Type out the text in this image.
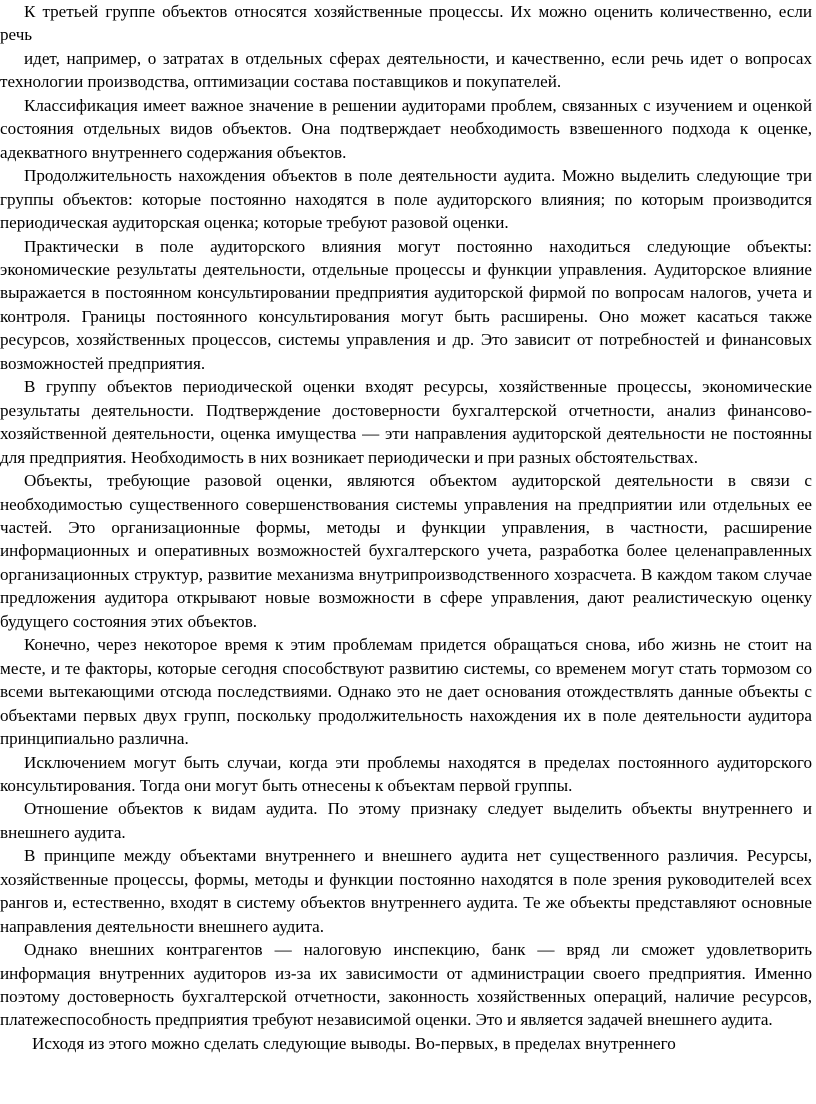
К третьей группе объектов относятся хозяйственные процессы. Их можно оценить количественно, если речь

идет, например, о затратах в отдельных сферах деятельности, и качественно, если речь идет о вопросах технологии производства, оптимизации состава поставщиков и покупателей.

Классификация имеет важное значение в решении аудиторами проблем, связанных с изучением и оценкой состояния отдельных видов объектов. Она подтверждает необходимость взвешенного подхода к оценке, адекватного внутреннего содержания объектов.

Продолжительность нахождения объектов в поле деятельности аудита. Можно выделить следующие три группы объектов: которые постоянно находятся в поле аудиторского влияния; по которым производится периодическая аудиторская оценка; которые требуют разовой оценки.

Практически в поле аудиторского влияния могут постоянно находиться следующие объекты: экономические результаты деятельности, отдельные процессы и функции управления. Аудиторское влияние выражается в постоянном консультировании предприятия аудиторской фирмой по вопросам налогов, учета и контроля. Границы постоянного консультирования могут быть расширены. Оно может касаться также ресурсов, хозяйственных процессов, системы управления и др. Это зависит от потребностей и финансовых возможностей предприятия.

В группу объектов периодической оценки входят ресурсы, хозяйственные процессы, экономические результаты деятельности. Подтверждение достоверности бухгалтерской отчетности, анализ финансово-хозяйственной деятельности, оценка имущества — эти направления аудиторской деятельности не постоянны для предприятия. Необходимость в них возникает периодически и при разных обстоятельствах.

Объекты, требующие разовой оценки, являются объектом аудиторской деятельности в связи с необходимостью существенного совершенствования системы управления на предприятии или отдельных ее частей. Это организационные формы, методы и функции управления, в частности, расширение информационных и оперативных возможностей бухгалтерского учета, разработка более целенаправленных организационных структур, развитие механизма внутрипроизводственного хозрасчета. В каждом таком случае предложения аудитора открывают новые возможности в сфере управления, дают реалистическую оценку будущего состояния этих объектов.

Конечно, через некоторое время к этим проблемам придется обращаться снова, ибо жизнь не стоит на месте, и те факторы, которые сегодня способствуют развитию системы, со временем могут стать тормозом со всеми вытекающими отсюда последствиями. Однако это не дает основания отождествлять данные объекты с объектами первых двух групп, поскольку продолжительность нахождения их в поле деятельности аудитора принципиально различна.

Исключением могут быть случаи, когда эти проблемы находятся в пределах постоянного аудиторского консультирования. Тогда они могут быть отнесены к объектам первой группы.

Отношение объектов к видам аудита. По этому признаку следует выделить объекты внутреннего и внешнего аудита.

В принципе между объектами внутреннего и внешнего аудита нет существенного различия. Ресурсы, хозяйственные процессы, формы, методы и функции постоянно находятся в поле зрения руководителей всех рангов и, естественно, входят в систему объектов внутреннего аудита. Те же объекты представляют основные направления деятельности внешнего аудита.

Однако внешних контрагентов — налоговую инспекцию, банк — вряд ли сможет удовлетворить информация внутренних аудиторов из-за их зависимости от администрации своего предприятия. Именно поэтому достоверность бухгалтерской отчетности, законность хозяйственных операций, наличие ресурсов, платежеспособность предприятия требуют независимой оценки. Это и является задачей внешнего аудита.

Исходя из этого можно сделать следующие выводы. Во-первых, в пределах внутреннего
